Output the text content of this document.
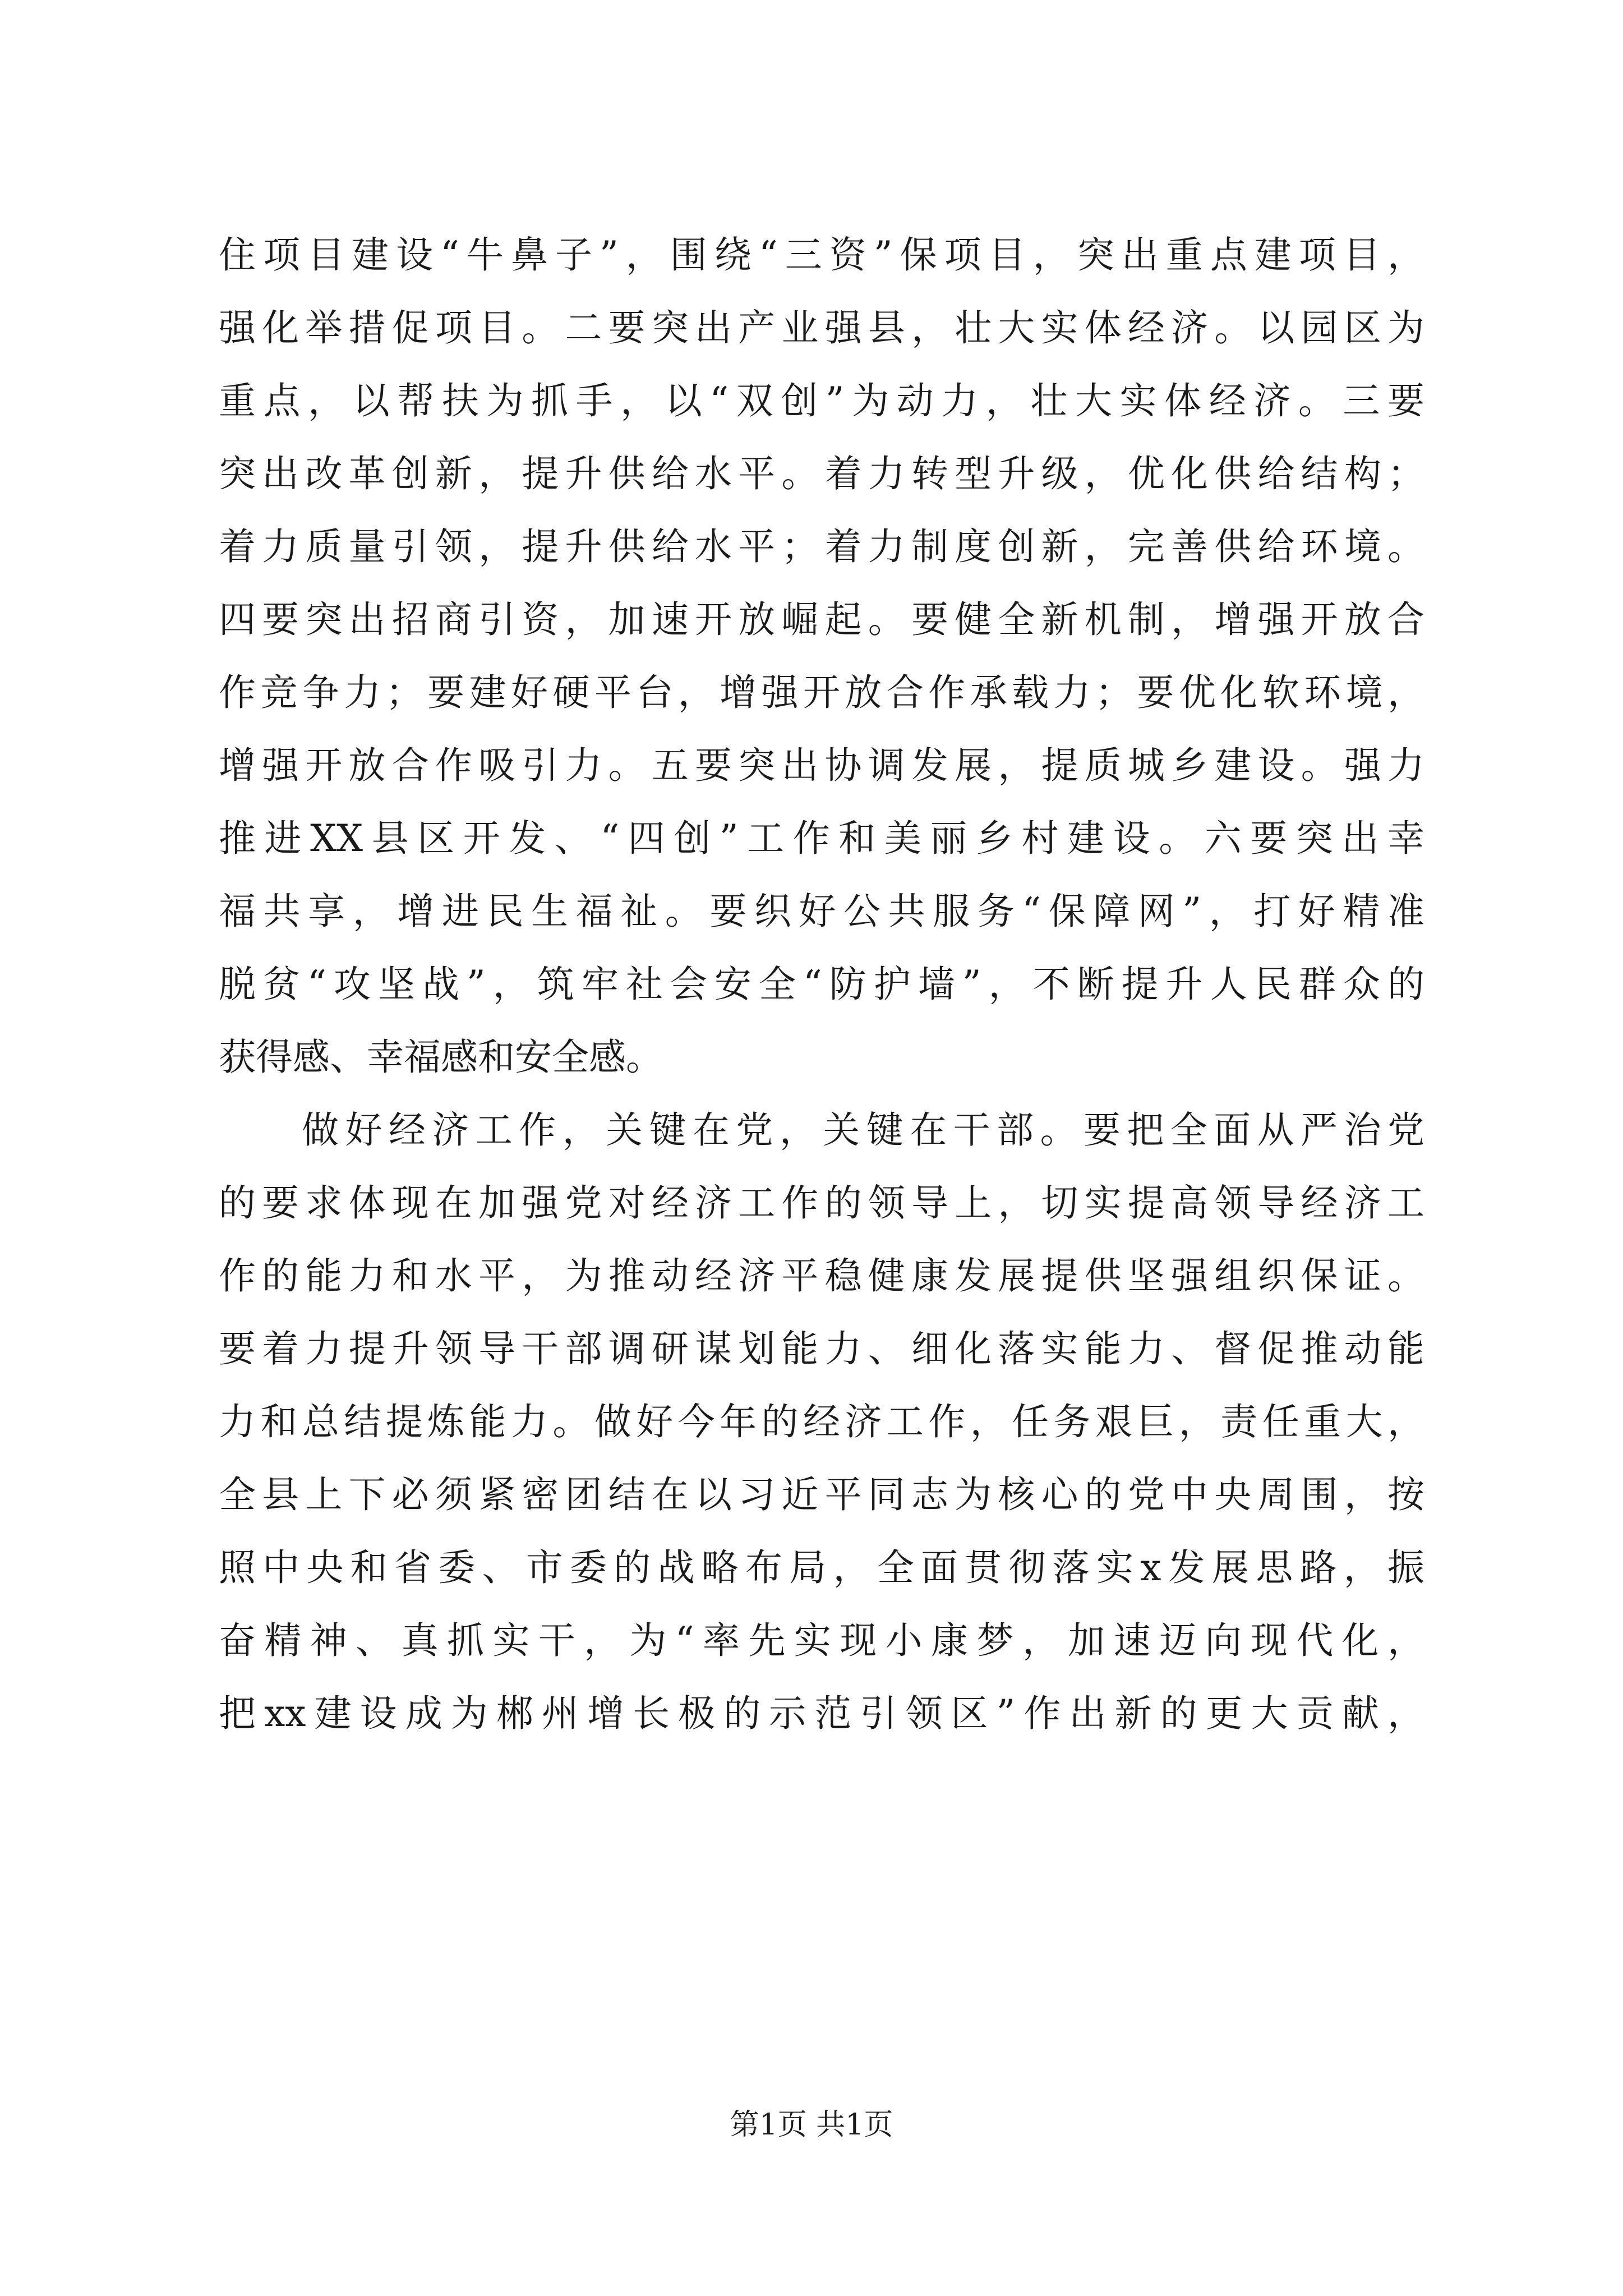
住项目建设“牛鼻子”，围绕“三资”保项目，突出重点建项目，
强化举措促项目。二要突出产业强县，壮大实体经济。以园区为
重点，以帮扶为抓手，以“双创”为动力，壮大实体经济。三要
突出改革创新，提升供给水平。着力转型升级，优化供给结构；
着力质量引领，提升供给水平；着力制度创新，完善供给环境。
四要突出招商引资，加速开放崛起。要健全新机制，增强开放合
作竞争力；要建好硬平台，增强开放合作承载力；要优化软环境，
增强开放合作吸引力。五要突出协调发展，提质城乡建设。强力
推进XX县区开发、“四创”工作和美丽乡村建设。六要突出幸
福共享，增进民生福祉。要织好公共服务“保障网”，打好精准
脱贫“攻坚战”，筑牢社会安全“防护墙”，不断提升人民群众的
获得感、幸福感和安全感。
做好经济工作，关键在党，关键在干部。要把全面从严治党
的要求体现在加强党对经济工作的领导上，切实提高领导经济工
作的能力和水平，为推动经济平稳健康发展提供坚强组织保证。
要着力提升领导干部调研谋划能力、细化落实能力、督促推动能
力和总结提炼能力。做好今年的经济工作，任务艰巨，责任重大，
全县上下必须紧密团结在以习近平同志为核心的党中央周围，按
照中央和省委、市委的战略布局，全面贯彻落实x发展思路，振
奋精神、真抓实干，为“率先实现小康梦，加速迈向现代化，
把xx建设成为郴州增长极的示范引领区”作出新的更大贡献，
第1页 共1页
